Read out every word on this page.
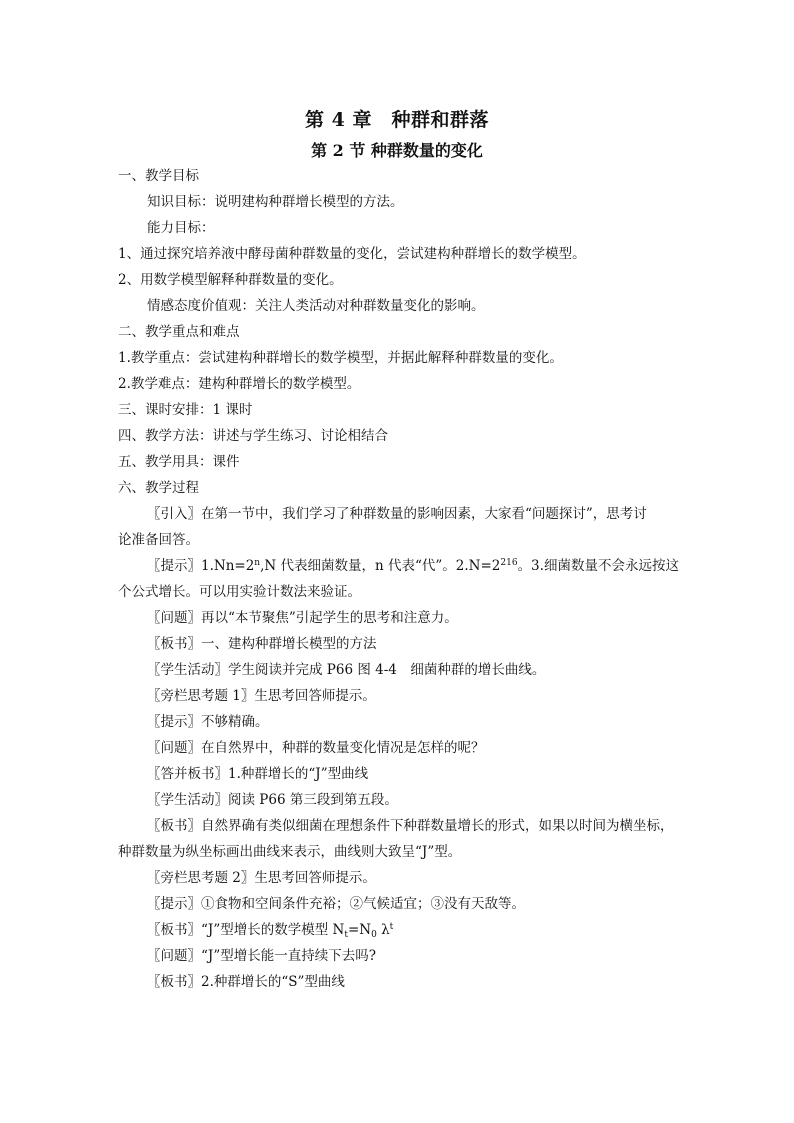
第 4 章　种群和群落
第 2 节 种群数量的变化
一、教学目标
知识目标：说明建构种群增长模型的方法。
能力目标：
1、通过探究培养液中酵母菌种群数量的变化，尝试建构种群增长的数学模型。
2、用数学模型解释种群数量的变化。
情感态度价值观：关注人类活动对种群数量变化的影响。
二、教学重点和难点
1.教学重点：尝试建构种群增长的数学模型，并据此解释种群数量的变化。
2.教学难点：建构种群增长的数学模型。
三、课时安排：1 课时
四、教学方法：讲述与学生练习、讨论相结合
五、教学用具：课件
六、教学过程
〖引入〗在第一节中，我们学习了种群数量的影响因素，大家看“问题探讨”，思考讨
论准备回答。
〖提示〗$1.Nn=2^n,N$ 代表细菌数量，n 代表“代”。$2.N=2^{216}$。3.细菌数量不会永远按这
个公式增长。可以用实验计数法来验证。
〖问题〗再以“本节聚焦”引起学生的思考和注意力。
〖板书〗一、建构种群增长模型的方法
〖学生活动〗学生阅读并完成 P66 图 4-4　细菌种群的增长曲线。
〖旁栏思考题 1〗生思考回答师提示。
〖提示〗不够精确。
〖问题〗在自然界中，种群的数量变化情况是怎样的呢？
〖答并板书〗1.种群增长的“J”型曲线
〖学生活动〗阅读 P66 第三段到第五段。
〖板书〗自然界确有类似细菌在理想条件下种群数量增长的形式，如果以时间为横坐标，
种群数量为纵坐标画出曲线来表示，曲线则大致呈“J”型。
〖旁栏思考题 2〗生思考回答师提示。
〖提示〗①食物和空间条件充裕；②气候适宜；③没有天敌等。
〖板书〗“J”型增长的数学模型 $N_t=N_0$ $\lambda^t$
〖问题〗“J”型增长能一直持续下去吗?
〖板书〗2.种群增长的“S”型曲线
